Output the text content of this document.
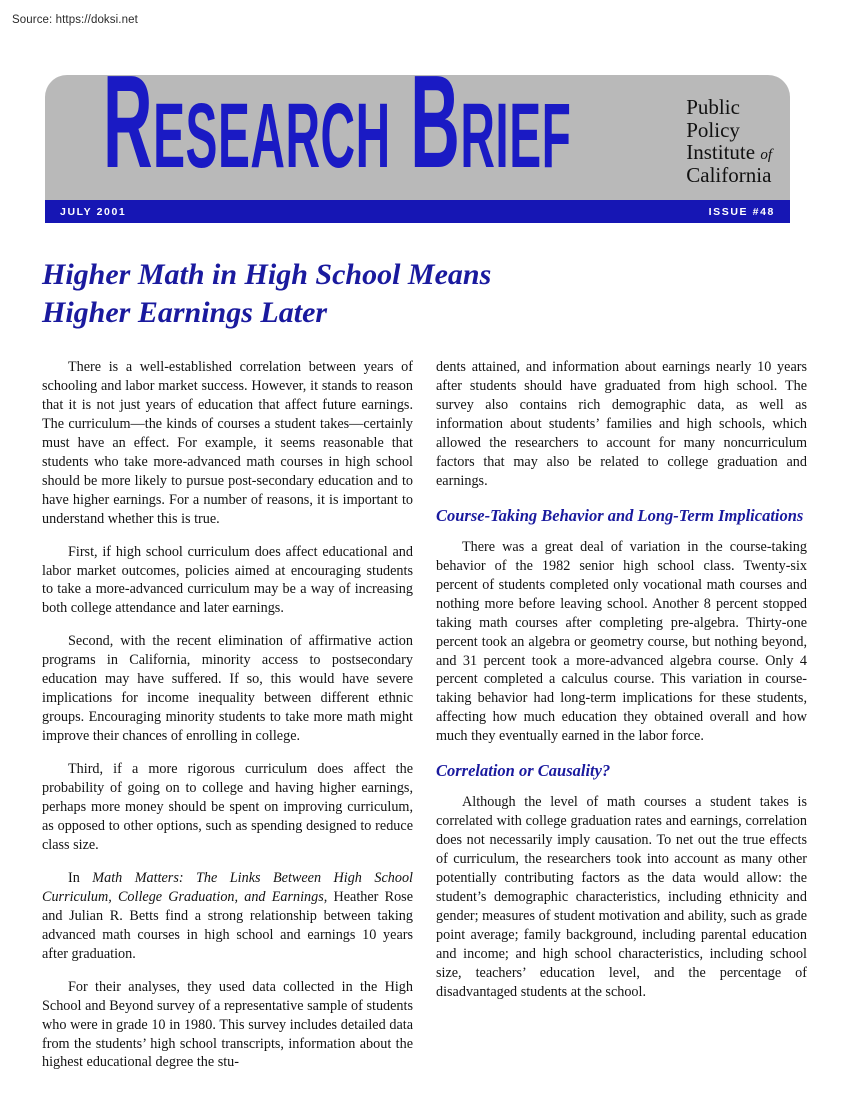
Source: https://doksi.net
Research Brief	Public
Policy
Institute of
California
JULY 2001	ISSUE #48
Higher Math in High School Means
Higher Earnings Later

There is a well-established correlation between years of schooling and labor market success. However, it stands to reason that it is not just years of education that affect future earnings. The curriculum—the kinds of courses a student takes—certainly must have an effect. For example, it seems reasonable that students who take more-advanced math courses in high school should be more likely to pursue post-secondary education and to have higher earnings. For a number of reasons, it is important to understand whether this is true.

First, if high school curriculum does affect educational and labor market outcomes, policies aimed at encouraging students to take a more-advanced curriculum may be a way of increasing both college attendance and later earnings.

Second, with the recent elimination of affirmative action programs in California, minority access to postsecondary education may have suffered. If so, this would have severe implications for income inequality between different ethnic groups. Encouraging minority students to take more math might improve their chances of enrolling in college.

Third, if a more rigorous curriculum does affect the probability of going on to college and having higher earnings, perhaps more money should be spent on improving curriculum, as opposed to other options, such as spending designed to reduce class size.

In Math Matters: The Links Between High School Curriculum, College Graduation, and Earnings, Heather Rose and Julian R. Betts find a strong relationship between taking advanced math courses in high school and earnings 10 years after graduation.

For their analyses, they used data collected in the High School and Beyond survey of a representative sample of students who were in grade 10 in 1980. This survey includes detailed data from the students’ high school transcripts, information about the highest educational degree the stu-

dents attained, and information about earnings nearly 10 years after students should have graduated from high school. The survey also contains rich demographic data, as well as information about students’ families and high schools, which allowed the researchers to account for many noncurriculum factors that may also be related to college graduation and earnings.

Course-Taking Behavior and Long-Term Implications

There was a great deal of variation in the course-taking behavior of the 1982 senior high school class. Twenty-six percent of students completed only vocational math courses and nothing more before leaving school. Another 8 percent stopped taking math courses after completing pre-algebra. Thirty-one percent took an algebra or geometry course, but nothing beyond, and 31 percent took a more-advanced algebra course. Only 4 percent completed a calculus course. This variation in course-taking behavior had long-term implications for these students, affecting how much education they obtained overall and how much they eventually earned in the labor force.

Correlation or Causality?

Although the level of math courses a student takes is correlated with college graduation rates and earnings, correlation does not necessarily imply causation. To net out the true effects of curriculum, the researchers took into account as many other potentially contributing factors as the data would allow: the student’s demographic characteristics, including ethnicity and gender; measures of student motivation and ability, such as grade point average; family background, including parental education and income; and high school characteristics, including school size, teachers’ education level, and the percentage of disadvantaged students at the school.
